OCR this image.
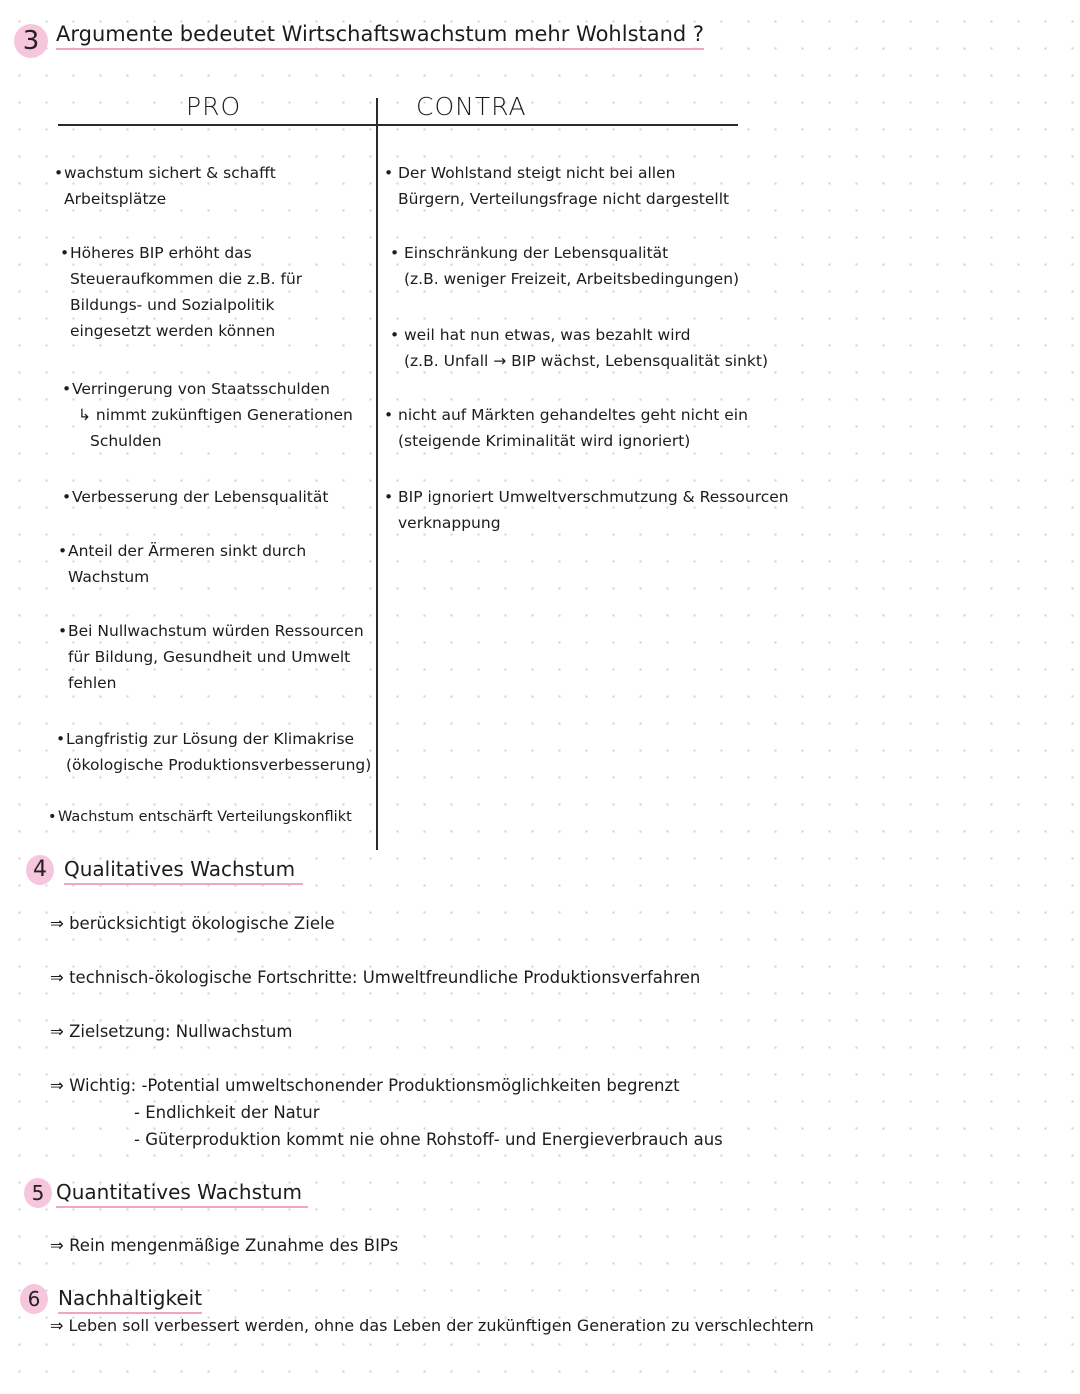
3 Argumente bedeutet Wirtschaftswachstum mehr Wohlstand ?
PRO	CONTRA
• wachstum sichert & schafft
Arbeitsplätze
• Höheres BIP erhöht das
Steueraufkommen die z.B. für
Bildungs- und Sozialpolitik
eingesetzt werden können
• Verringerung von Staatsschulden
↳ nimmt zukünftigen Generationen
Schulden
• Verbesserung der Lebensqualität
• Anteil der Ärmeren sinkt durch
Wachstum
• Bei Nullwachstum würden Ressourcen
für Bildung, Gesundheit und Umwelt
fehlen
• Langfristig zur Lösung der Klimakrise
(ökologische Produktionsverbesserung)
• Wachstum entschärft Verteilungskonflikt
• Der Wohlstand steigt nicht bei allen
Bürgern, Verteilungsfrage nicht dargestellt
• Einschränkung der Lebensqualität
(z.B. weniger Freizeit, Arbeitsbedingungen)
• weil hat nun etwas, was bezahlt wird
(z.B. Unfall → BIP wächst, Lebensqualität sinkt)
• nicht auf Märkten gehandeltes geht nicht ein
(steigende Kriminalität wird ignoriert)
• BIP ignoriert Umweltverschmutzung & Ressourcen
verknappung
4 Qualitatives Wachstum
⇒ berücksichtigt ökologische Ziele
⇒ technisch-ökologische Fortschritte: Umweltfreundliche Produktionsverfahren
⇒ Zielsetzung: Nullwachstum
⇒ Wichtig: -Potential umweltschonender Produktionsmöglichkeiten begrenzt
- Endlichkeit der Natur
- Güterproduktion kommt nie ohne Rohstoff- und Energieverbrauch aus
5 Quantitatives Wachstum
⇒ Rein mengenmäßige Zunahme des BIPs
6 Nachhaltigkeit
⇒ Leben soll verbessert werden, ohne das Leben der zukünftigen Generation zu verschlechtern
